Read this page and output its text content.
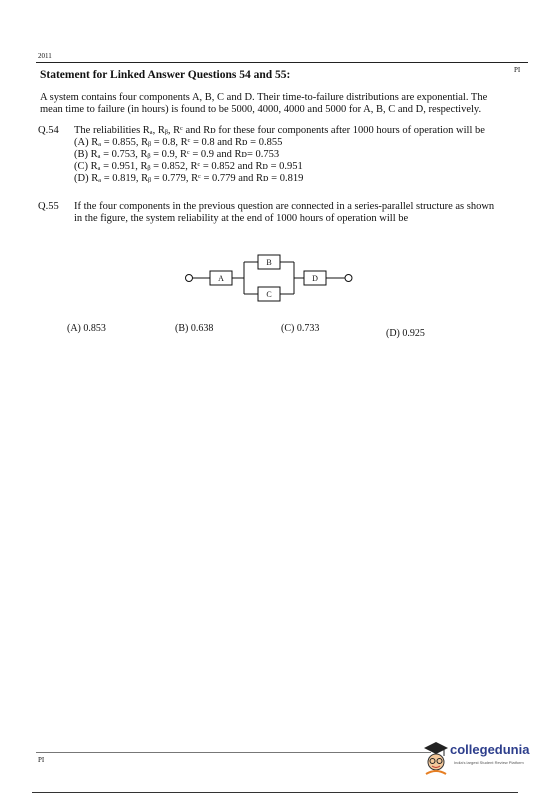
2011
PI
Statement for Linked Answer Questions 54 and 55:
A system contains four components A, B, C and D. Their time-to-failure distributions are exponential. The
mean time to failure (in hours) is found to be 5000, 4000, 4000 and 5000 for A, B, C and D, respectively.
Q.54 The reliabilities Rₐ, Rᵦ, Rᶜ and Rᴅ for these four components after 1000 hours of operation will be
(A) Rₐ = 0.855, Rᵦ = 0.8, Rᶜ = 0.8 and Rᴅ = 0.855
(B) Rₐ = 0.753, Rᵦ = 0.9, Rᶜ = 0.9 and Rᴅ= 0.753
(C) Rₐ = 0.951, Rᵦ = 0.852, Rᶜ = 0.852 and Rᴅ = 0.951
(D) Rₐ = 0.819, Rᵦ = 0.779, Rᶜ = 0.779 and Rᴅ = 0.819
Q.55 If the four components in the previous question are connected in a series-parallel structure as shown
in the figure, the system reliability at the end of 1000 hours of operation will be
A
B
C
D
(A) 0.853	(B) 0.638	(C) 0.733	(D) 0.925
PI
collegedunia
India's largest Student Review Platform
